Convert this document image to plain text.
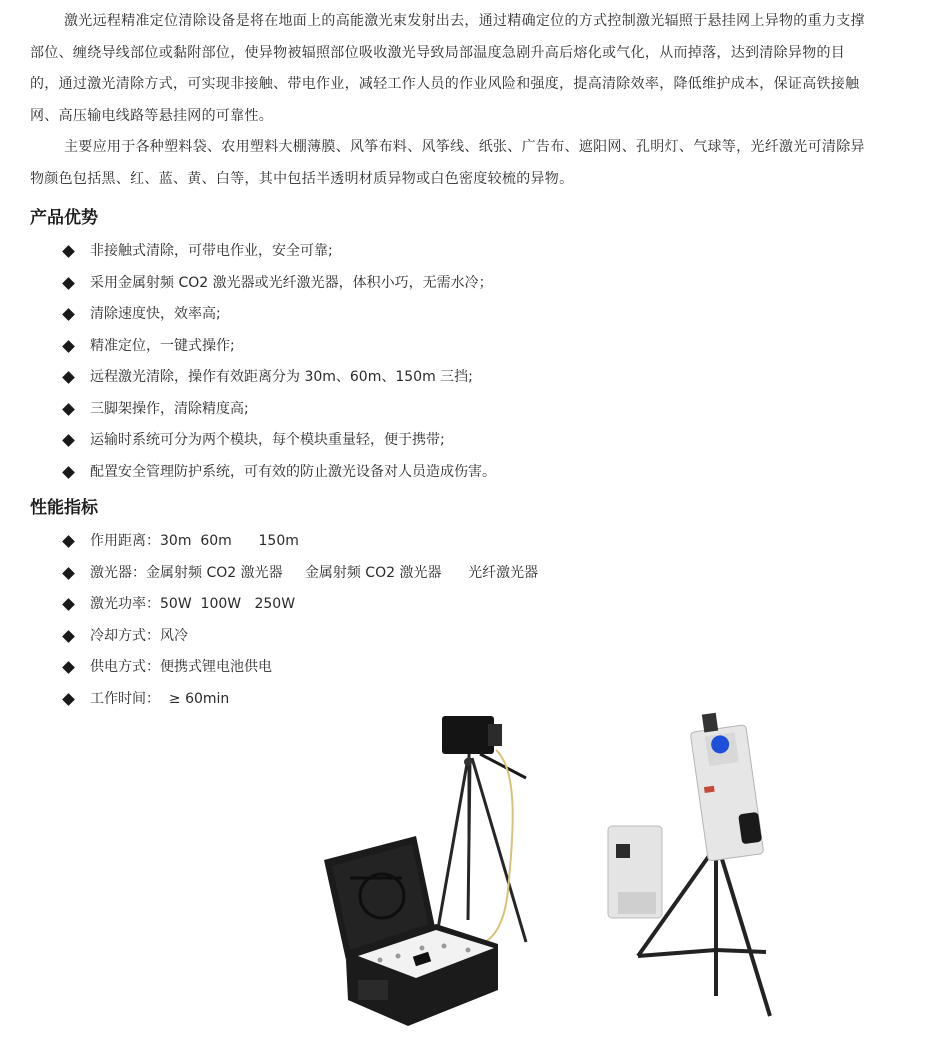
激光远程精准定位清除设备是将在地面上的高能激光束发射出去，通过精确定位的方式控制激光辐照于悬挂网上异物的重力支撑部位、缠绕导线部位或黏附部位，使异物被辐照部位吸收激光导致局部温度急剧升高后熔化或气化，从而掉落，达到清除异物的目的，通过激光清除方式，可实现非接触、带电作业，减轻工作人员的作业风险和强度，提高清除效率，降低维护成本，保证高铁接触网、高压输电线路等悬挂网的可靠性。

主要应用于各种塑料袋、农用塑料大棚薄膜、风筝布料、风筝线、纸张、广告布、遮阳网、孔明灯、气球等，光纤激光可清除异物颜色包括黑、红、蓝、黄、白等，其中包括半透明材质异物或白色密度较梳的异物。

产品优势
非接触式清除，可带电作业，安全可靠;
采用金属射频 CO2 激光器或光纤激光器，体积小巧，无需水冷；
清除速度快，效率高;
精准定位，一键式操作;
远程激光清除，操作有效距离分为 30m、60m、150m 三挡;
三脚架操作，清除精度高;
运输时系统可分为两个模块，每个模块重量轻，便于携带;
配置安全管理防护系统，可有效的防止激光设备对人员造成伤害。
性能指标
作用距离：30m  60m      150m
激光器：金属射频 CO2 激光器     金属射频 CO2 激光器      光纤激光器
激光功率：50W  100W   250W
冷却方式：风冷
供电方式：便携式锂电池供电
工作时间：  ≥ 60min
